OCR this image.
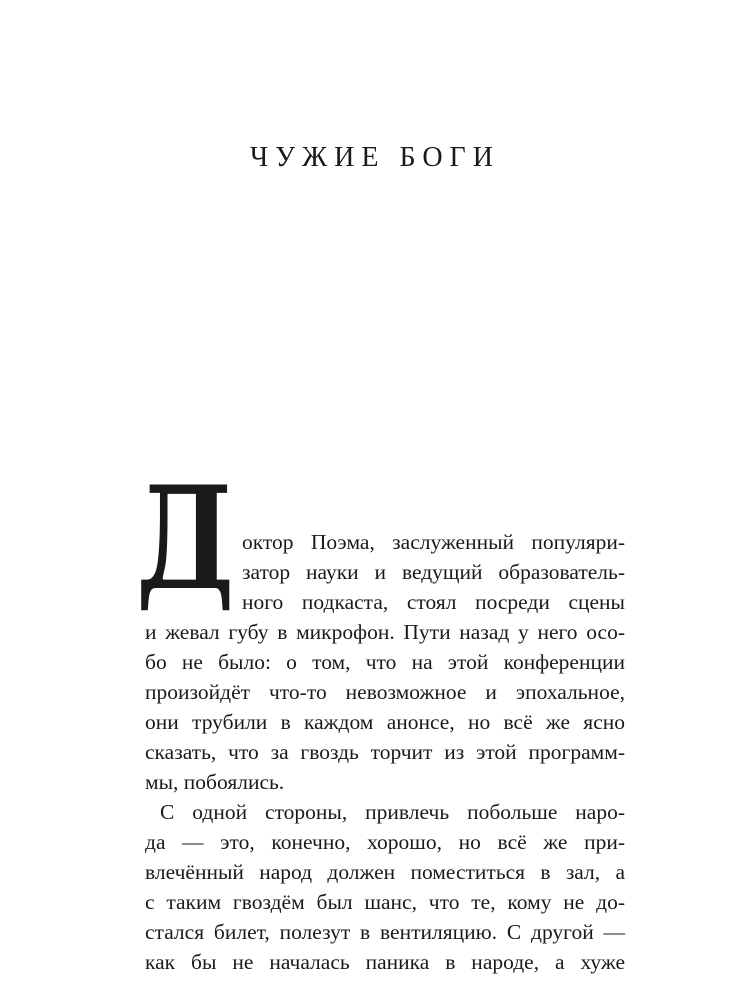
ЧУЖИЕ БОГИ
Д октор Поэма, заслуженный популяри-
затор науки и ведущий образователь-
ного подкаста, стоял посреди сцены
и жевал губу в микрофон. Пути назад у него осо-
бо не было: о том, что на этой конференции
произойдёт что-то невозможное и эпохальное,
они трубили в каждом анонсе, но всё же ясно
сказать, что за гвоздь торчит из этой программ-
мы, побоялись.
С одной стороны, привлечь побольше наро-
да — это, конечно, хорошо, но всё же при-
влечённый народ должен поместиться в зал, а
с таким гвоздём был шанс, что те, кому не до-
стался билет, полезут в вентиляцию. С другой —
как бы не началась паника в народе, а хуже
